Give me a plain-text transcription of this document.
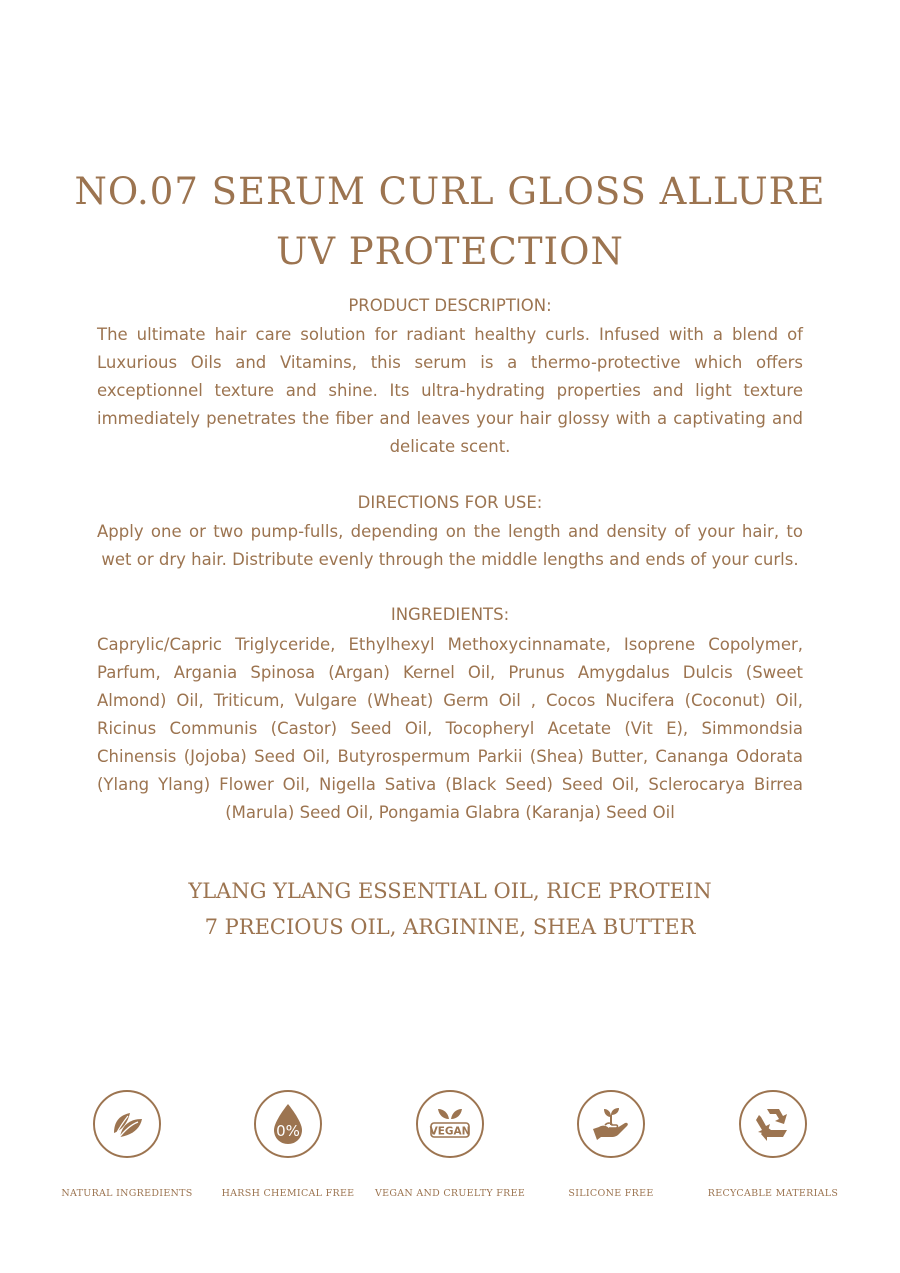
NO.07 SERUM CURL GLOSS ALLURE
UV PROTECTION
PRODUCT DESCRIPTION:

The ultimate hair care solution for radiant healthy curls. Infused with a blend of Luxurious Oils and Vitamins, this serum is a thermo-protective which offers exceptionnel texture and shine. Its ultra-hydrating properties and light texture immediately penetrates the fiber and leaves your hair glossy with a captivating and delicate scent.

DIRECTIONS FOR USE:

Apply one or two pump-fulls, depending on the length and density of your hair, to wet or dry hair. Distribute evenly through the middle lengths and ends of your curls.

INGREDIENTS:

Caprylic/Capric Triglyceride, Ethylhexyl Methoxycinnamate, Isoprene Copolymer, Parfum, Argania Spinosa (Argan) Kernel Oil, Prunus Amygdalus Dulcis (Sweet Almond) Oil, Triticum, Vulgare (Wheat) Germ Oil , Cocos Nucifera (Coconut) Oil, Ricinus Communis (Castor) Seed Oil, Tocopheryl Acetate (Vit E), Simmondsia Chinensis (Jojoba) Seed Oil, Butyrospermum Parkii (Shea) Butter, Cananga Odorata (Ylang Ylang) Flower Oil, Nigella Sativa (Black Seed) Seed Oil, Sclerocarya Birrea (Marula) Seed Oil, Pongamia Glabra (Karanja) Seed Oil

YLANG YLANG ESSENTIAL OIL, RICE PROTEIN
7 PRECIOUS OIL, ARGININE, SHEA BUTTER
NATURAL INGREDIENTS
0%
HARSH CHEMICAL FREE
VEGAN
VEGAN AND CRUELTY FREE	SILICONE FREE	RECYCABLE MATERIALS
